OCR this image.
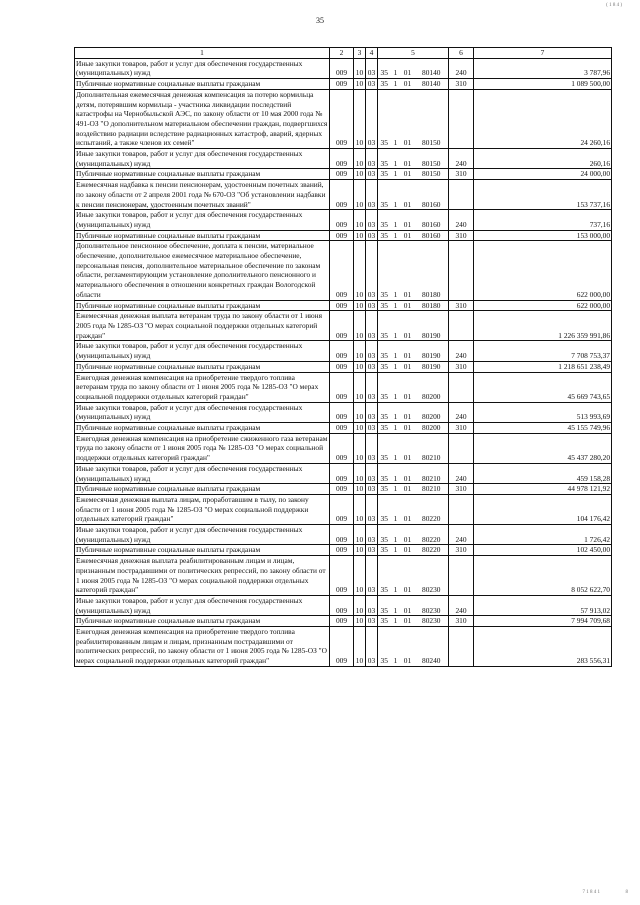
( 1 8 4 )
35
1	2	3	4	5				6	7
Иные закупки товаров, работ и услуг для обеспечения государственных (муниципальных) нужд	009	10	03	35	1	01	80140	240	3 787,96
Публичные нормативные социальные выплаты гражданам	009	10	03	35	1	01	80140	310	1 089 500,00
Дополнительная ежемесячная денежная компенсация за потерю кормильца детям, потерявшим кормильца - участника ликвидации последствий катастрофы на Чернобыльской АЭС, по закону области от 10 мая 2000 года № 491-ОЗ "О дополнительном материальном обеспечении граждан, подвергшихся воздействию радиации вследствие радиационных катастроф, аварий, ядерных испытаний, а также членов их семей"	009	10	03	35	1	01	80150		24 260,16
Иные закупки товаров, работ и услуг для обеспечения государственных (муниципальных) нужд	009	10	03	35	1	01	80150	240	260,16
Публичные нормативные социальные выплаты гражданам	009	10	03	35	1	01	80150	310	24 000,00
Ежемесячная надбавка к пенсии пенсионерам, удостоенным почетных званий, по закону области от 2 апреля 2001 года № 670-ОЗ "Об установлении надбавки к пенсии пенсионерам, удостоенным почетных званий"	009	10	03	35	1	01	80160		153 737,16
Иные закупки товаров, работ и услуг для обеспечения государственных (муниципальных) нужд	009	10	03	35	1	01	80160	240	737,16
Публичные нормативные социальные выплаты гражданам	009	10	03	35	1	01	80160	310	153 000,00
Дополнительное пенсионное обеспечение, доплата к пенсии, материальное обеспечение, дополнительное ежемесячное материальное обеспечение, персональная пенсия, дополнительное материальное обеспечение по законам области, регламентирующим установление дополнительного пенсионного и материального обеспечения в отношении конкретных граждан Вологодской области	009	10	03	35	1	01	80180		622 000,00
Публичные нормативные социальные выплаты гражданам	009	10	03	35	1	01	80180	310	622 000,00
Ежемесячная денежная выплата ветеранам труда по закону области от 1 июня 2005 года № 1285-ОЗ "О мерах социальной поддержки отдельных категорий граждан"	009	10	03	35	1	01	80190		1 226 359 991,86
Иные закупки товаров, работ и услуг для обеспечения государственных (муниципальных) нужд	009	10	03	35	1	01	80190	240	7 708 753,37
Публичные нормативные социальные выплаты гражданам	009	10	03	35	1	01	80190	310	1 218 651 238,49
Ежегодная денежная компенсация на приобретение твердого топлива ветеранам труда по закону области от 1 июня 2005 года № 1285-ОЗ "О мерах социальной поддержки отдельных категорий граждан"	009	10	03	35	1	01	80200		45 669 743,65
Иные закупки товаров, работ и услуг для обеспечения государственных (муниципальных) нужд	009	10	03	35	1	01	80200	240	513 993,69
Публичные нормативные социальные выплаты гражданам	009	10	03	35	1	01	80200	310	45 155 749,96
Ежегодная денежная компенсация на приобретение сжиженного газа ветеранам труда по закону области от 1 июня 2005 года № 1285-ОЗ "О мерах социальной поддержки отдельных категорий граждан"	009	10	03	35	1	01	80210		45 437 280,20
Иные закупки товаров, работ и услуг для обеспечения государственных (муниципальных) нужд	009	10	03	35	1	01	80210	240	459 158,28
Публичные нормативные социальные выплаты гражданам	009	10	03	35	1	01	80210	310	44 978 121,92
Ежемесячная денежная выплата лицам, проработавшим в тылу, по закону области от 1 июня 2005 года № 1285-ОЗ "О мерах социальной поддержки отдельных категорий граждан"	009	10	03	35	1	01	80220		104 176,42
Иные закупки товаров, работ и услуг для обеспечения государственных (муниципальных) нужд	009	10	03	35	1	01	80220	240	1 726,42
Публичные нормативные социальные выплаты гражданам	009	10	03	35	1	01	80220	310	102 450,00
Ежемесячная денежная выплата реабилитированным лицам и лицам, признанным пострадавшими от политических репрессий, по закону области от 1 июня 2005 года № 1285-ОЗ "О мерах социальной поддержки отдельных категорий граждан"	009	10	03	35	1	01	80230		8 052 622,70
Иные закупки товаров, работ и услуг для обеспечения государственных (муниципальных) нужд	009	10	03	35	1	01	80230	240	57 913,02
Публичные нормативные социальные выплаты гражданам	009	10	03	35	1	01	80230	310	7 994 709,68
Ежегодная денежная компенсация на приобретение твердого топлива реабилитированным лицам и лицам, признанным пострадавшими от политических репрессий, по закону области от 1 июня 2005 года № 1285-ОЗ "О мерах социальной поддержки отдельных категорий граждан"	009	10	03	35	1	01	80240		283 556,31
7 1 8 4 1	8
